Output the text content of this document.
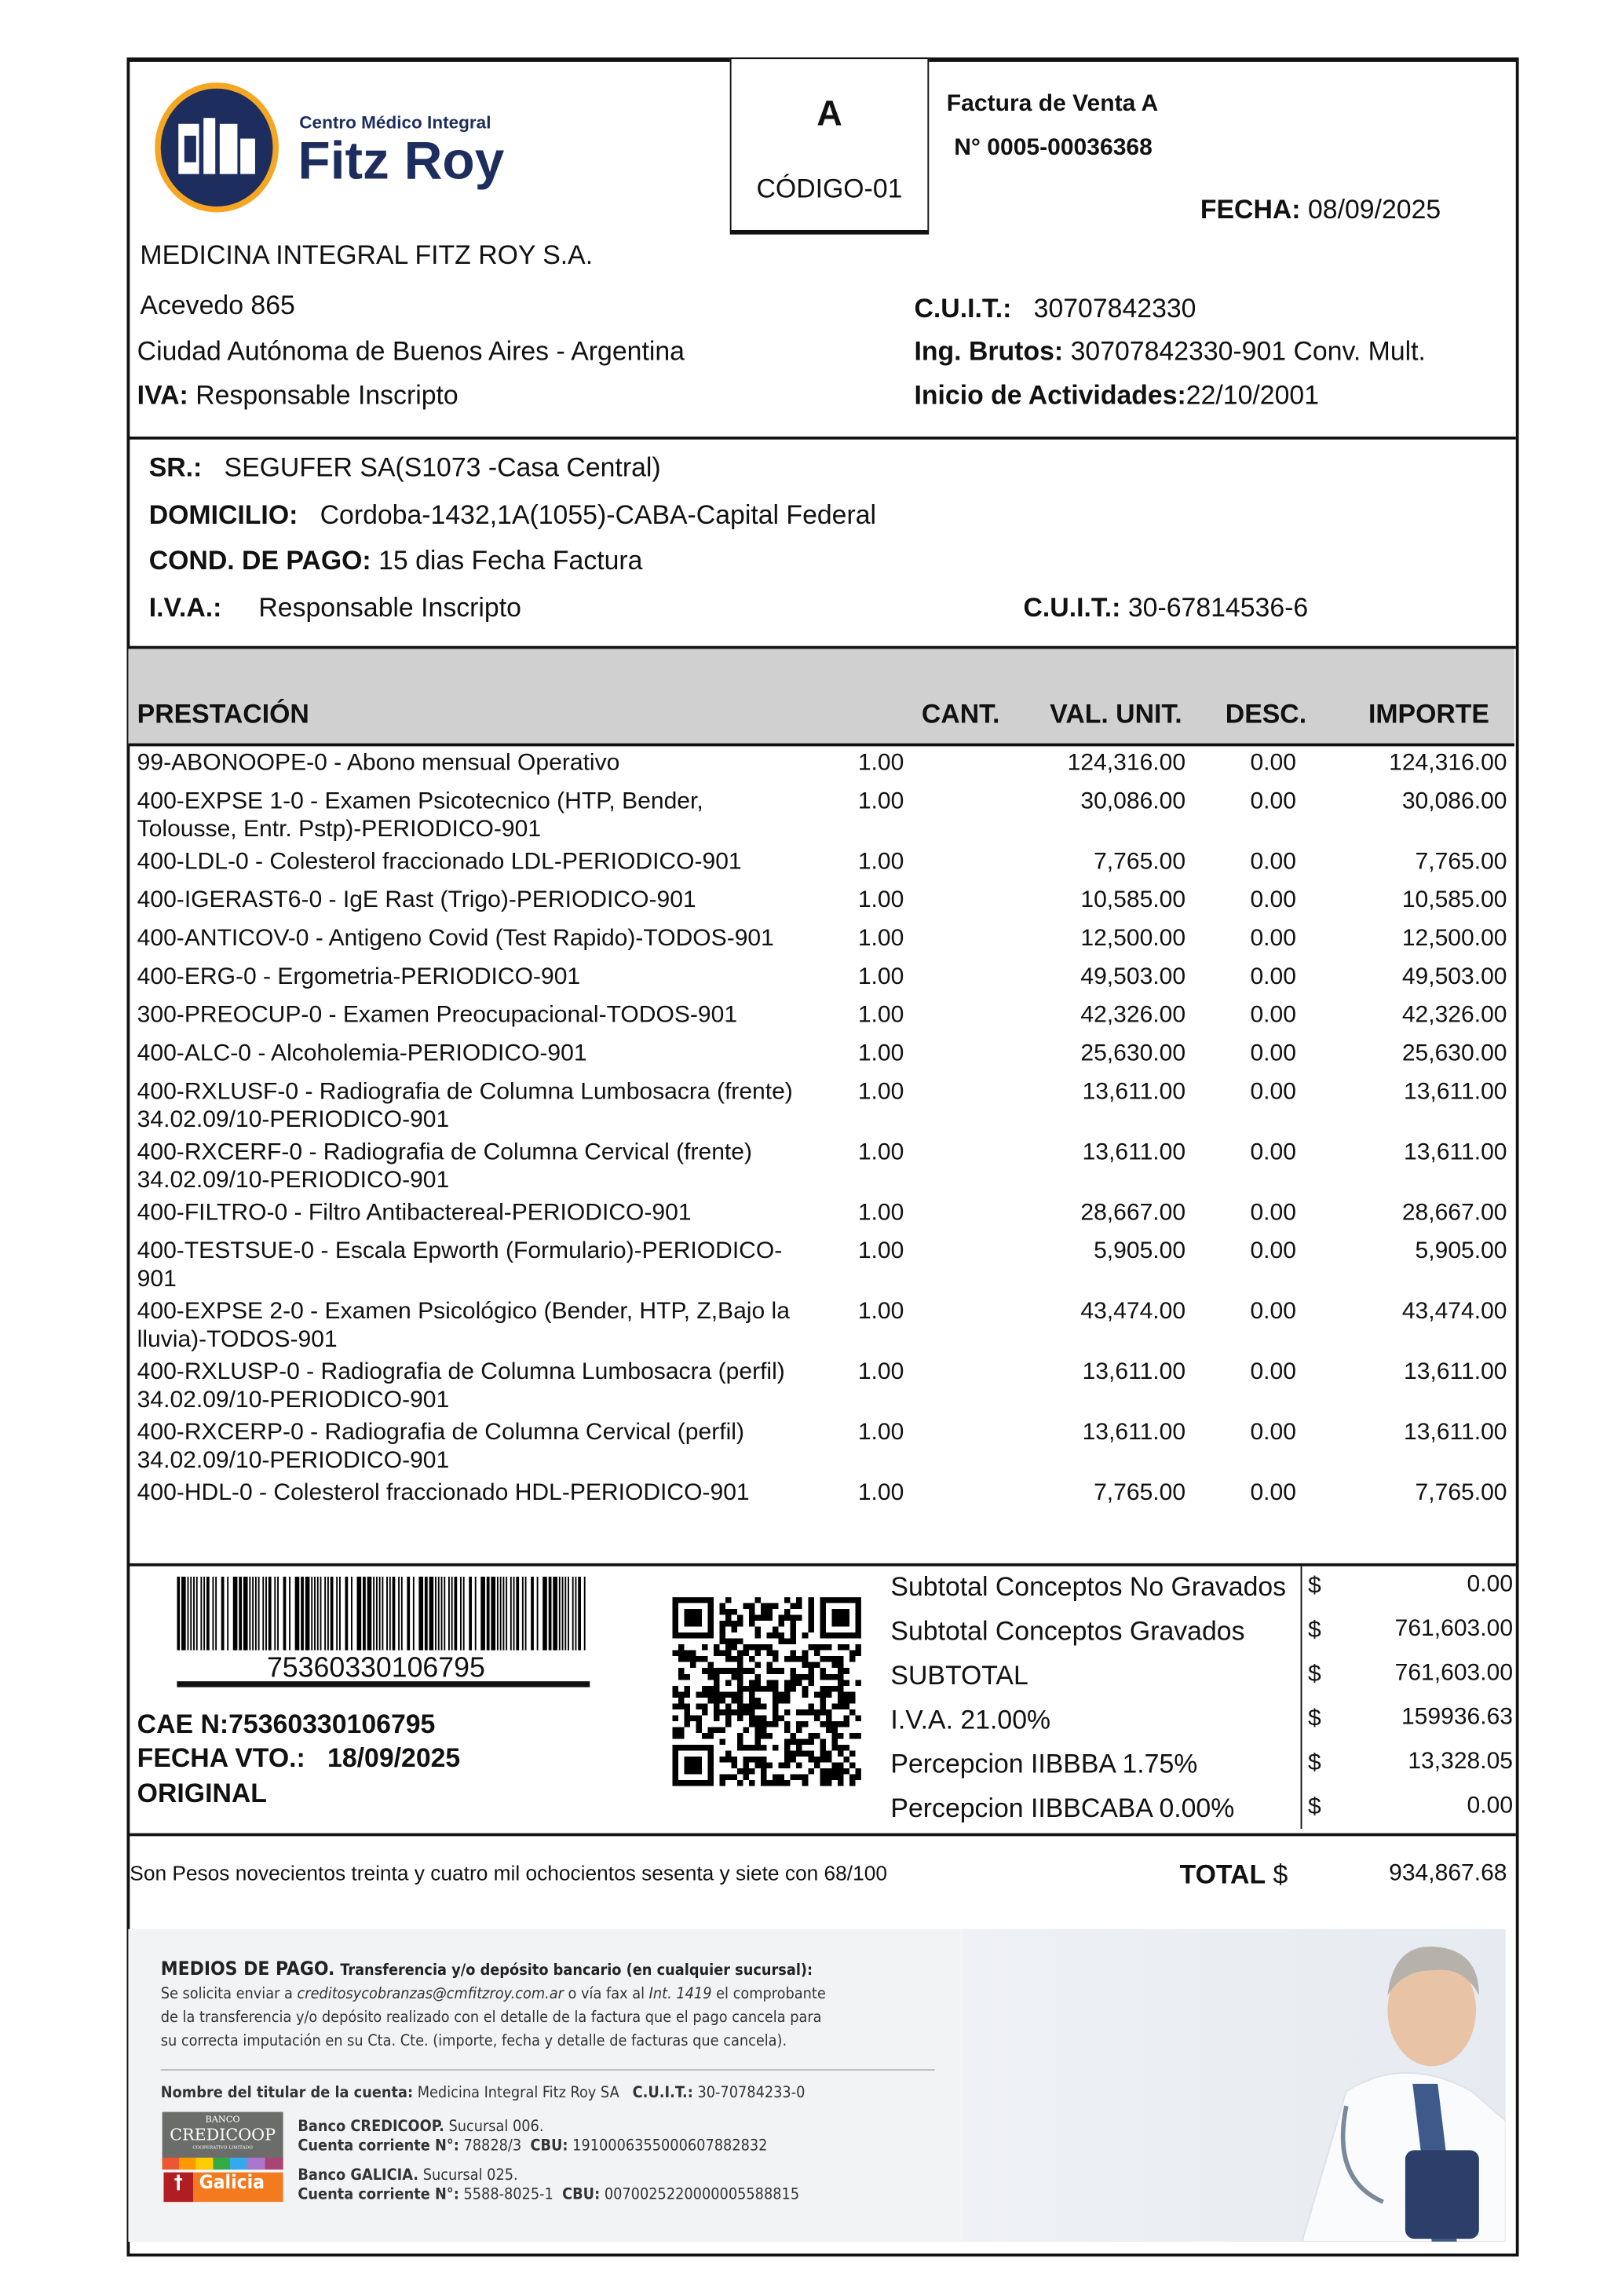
Centro Médico Integral
Fitz Roy
A
CÓDIGO-01
Factura de Venta A
N° 0005-00036368
FECHA: 08/09/2025
MEDICINA INTEGRAL FITZ ROY S.A.
Acevedo 865
Ciudad Autónoma de Buenos Aires - Argentina
IVA: Responsable Inscripto
C.U.I.T.: 30707842330
Ing. Brutos: 30707842330-901 Conv. Mult.
Inicio de Actividades:22/10/2001
SR.: SEGUFER SA(S1073 -Casa Central)
DOMICILIO: Cordoba-1432,1A(1055)-CABA-Capital Federal
COND. DE PAGO: 15 dias Fecha Factura
I.V.A.:	Responsable Inscripto	C.U.I.T.: 30-67814536-6
PRESTACIÓN	CANT.	VAL. UNIT.	DESC.	IMPORTE
99-ABONOOPE-0 - Abono mensual Operativo	1.00	124,316.00	0.00	124,316.00
400-EXPSE 1-0 - Examen Psicotecnico (HTP, Bender,
Tolousse, Entr. Pstp)-PERIODICO-901
1.00	30,086.00	0.00	30,086.00
400-LDL-0 - Colesterol fraccionado LDL-PERIODICO-901	1.00	7,765.00	0.00	7,765.00
400-IGERAST6-0 - IgE Rast (Trigo)-PERIODICO-901	1.00	10,585.00	0.00	10,585.00
400-ANTICOV-0 - Antigeno Covid (Test Rapido)-TODOS-901	1.00	12,500.00	0.00	12,500.00
400-ERG-0 - Ergometria-PERIODICO-901	1.00	49,503.00	0.00	49,503.00
300-PREOCUP-0 - Examen Preocupacional-TODOS-901	1.00	42,326.00	0.00	42,326.00
400-ALC-0 - Alcoholemia-PERIODICO-901	1.00	25,630.00	0.00	25,630.00
400-RXLUSF-0 - Radiografia de Columna Lumbosacra (frente)
34.02.09/10-PERIODICO-901
1.00	13,611.00	0.00	13,611.00
400-RXCERF-0 - Radiografia de Columna Cervical (frente)
34.02.09/10-PERIODICO-901
1.00	13,611.00	0.00	13,611.00
400-FILTRO-0 - Filtro Antibactereal-PERIODICO-901	1.00	28,667.00	0.00	28,667.00
400-TESTSUE-0 - Escala Epworth (Formulario)-PERIODICO-
901
1.00	5,905.00	0.00	5,905.00
400-EXPSE 2-0 - Examen Psicológico (Bender, HTP, Z,Bajo la
lluvia)-TODOS-901
1.00	43,474.00	0.00	43,474.00
400-RXLUSP-0 - Radiografia de Columna Lumbosacra (perfil)
34.02.09/10-PERIODICO-901
1.00	13,611.00	0.00	13,611.00
400-RXCERP-0 - Radiografia de Columna Cervical (perfil)
34.02.09/10-PERIODICO-901
1.00	13,611.00	0.00	13,611.00
400-HDL-0 - Colesterol fraccionado HDL-PERIODICO-901	1.00	7,765.00	0.00	7,765.00
75360330106795
CAE N:75360330106795
FECHA VTO.: 18/09/2025
ORIGINAL
Subtotal Conceptos No Gravados $	0.00
Subtotal Conceptos Gravados	$	761,603.00
SUBTOTAL	$	761,603.00
I.V.A. 21.00%	$	159936.63
Percepcion IIBBBA 1.75%	$	13,328.05
Percepcion IIBBCABA 0.00%	$	0.00
Son Pesos novecientos treinta y cuatro mil ochocientos sesenta y siete con 68/100	TOTAL $	934,867.68
MEDIOS DE PAGO. Transferencia y/o depósito bancario (en cualquier sucursal):
Se solicita enviar a creditosycobranzas@cmfitzroy.com.ar o vía fax al Int. 1419 el comprobante
de la transferencia y/o depósito realizado con el detalle de la factura que el pago cancela para
su correcta imputación en su Cta. Cte. (importe, fecha y detalle de facturas que cancela).
Nombre del titular de la cuenta: Medicina Integral Fitz Roy SA C.U.I.T.: 30-70784233-0
BANCO
CREDICOOP
COOPERATIVO LIMITADO
Banco CREDICOOP. Sucursal 006.
Cuenta corriente N°: 78828/3 CBU: 1910006355000607882832
† Galicia	Banco GALICIA. Sucursal 025.
Cuenta corriente N°: 5588-8025-1 CBU: 0070025220000005588815
